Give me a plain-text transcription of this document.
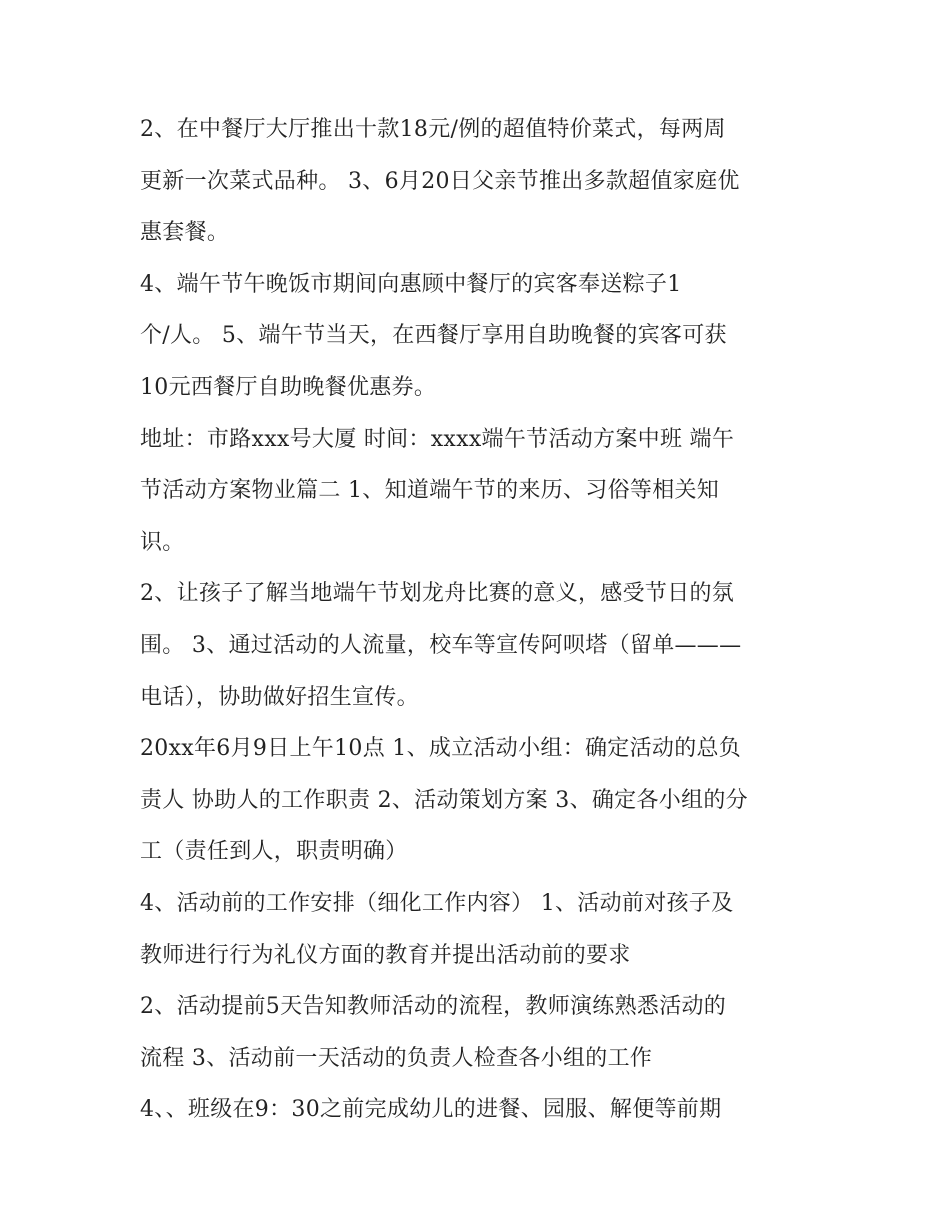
2、在中餐厅大厅推出十款18元/例的超值特价菜式，每两周
更新一次菜式品种。 3、6月20日父亲节推出多款超值家庭优
惠套餐。
4、端午节午晚饭市期间向惠顾中餐厅的宾客奉送粽子1
个/人。 5、端午节当天，在西餐厅享用自助晚餐的宾客可获
10元西餐厅自助晚餐优惠券。
地址：市路xxx号大厦 时间：xxxx端午节活动方案中班 端午
节活动方案物业篇二 1、知道端午节的来历、习俗等相关知
识。
2、让孩子了解当地端午节划龙舟比赛的意义，感受节日的氛
围。 3、通过活动的人流量，校车等宣传阿呗塔（留单———
电话），协助做好招生宣传。
20xx年6月9日上午10点 1、成立活动小组：确定活动的总负
责人 协助人的工作职责 2、活动策划方案 3、确定各小组的分
工（责任到人，职责明确）
4、活动前的工作安排（细化工作内容） 1、活动前对孩子及
教师进行行为礼仪方面的教育并提出活动前的要求
2、活动提前5天告知教师活动的流程，教师演练熟悉活动的
流程 3、活动前一天活动的负责人检查各小组的工作
4、、班级在9：30之前完成幼儿的进餐、园服、解便等前期
